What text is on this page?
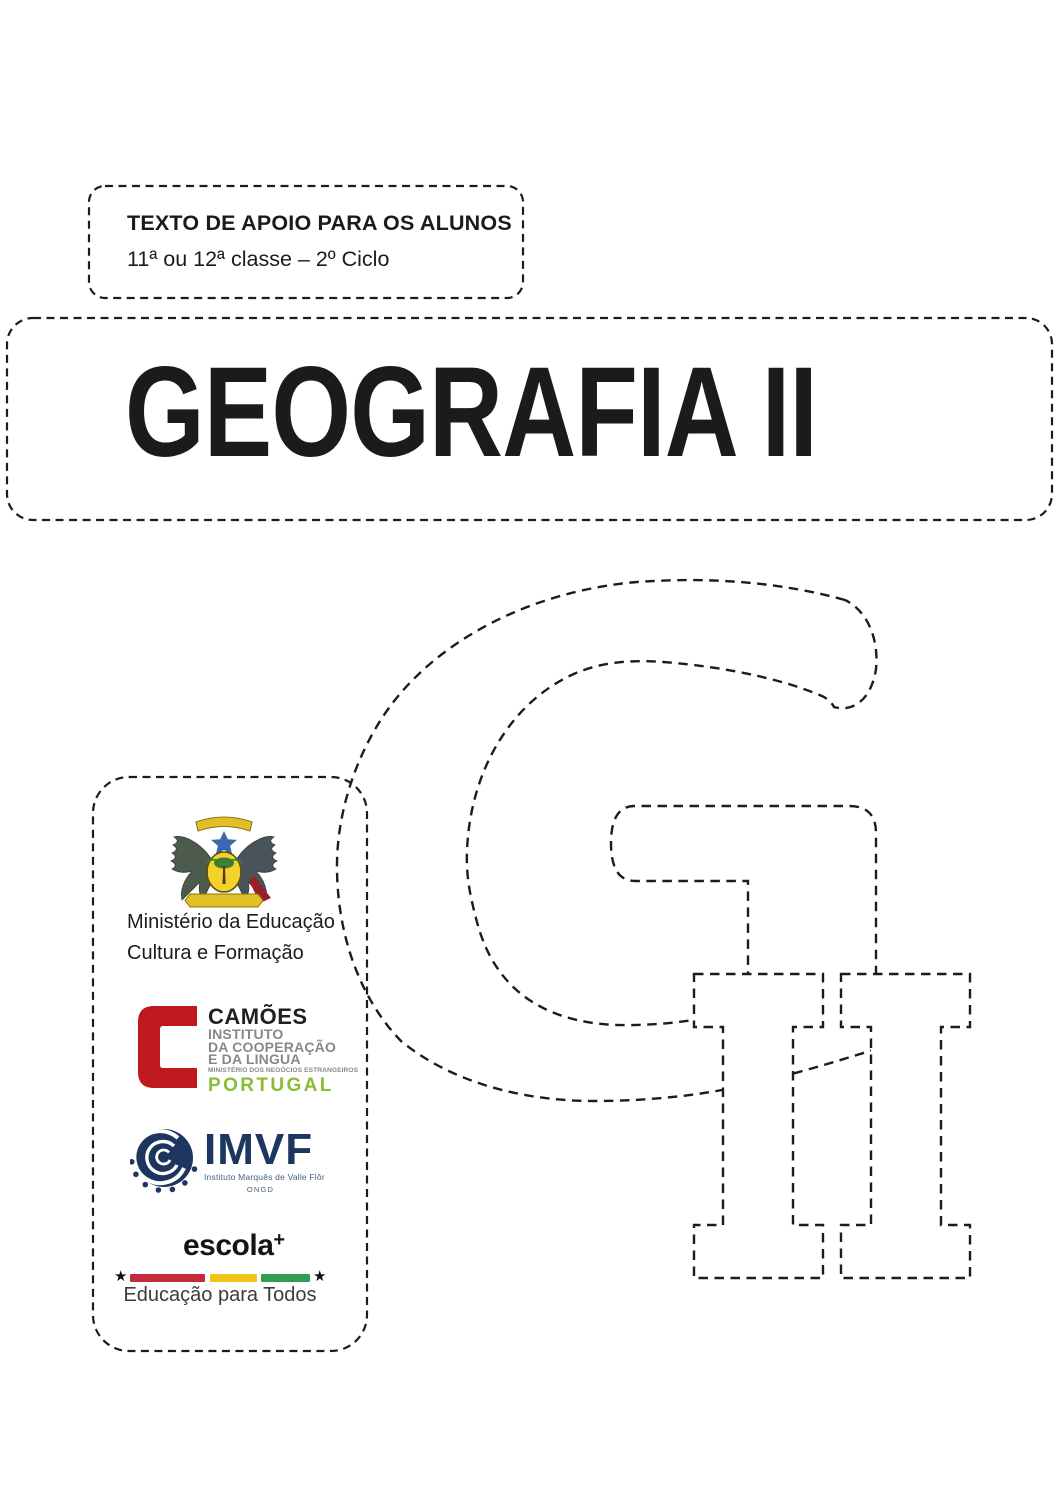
TEXTO DE APOIO PARA OS ALUNOS
11ª ou 12ª classe – 2º Ciclo
GEOGRAFIA II
Ministério da Educação
Cultura e Formação
CAMÕES
INSTITUTO
DA COOPERAÇÃO
E DA LINGUA
MINISTÉRIO DOS NEGÓCIOS ESTRANGEIROS
PORTUGAL
IMVF
Instituto Marquês de Valle Flôr
ONGD
escola+
★	★
Educação para Todos
